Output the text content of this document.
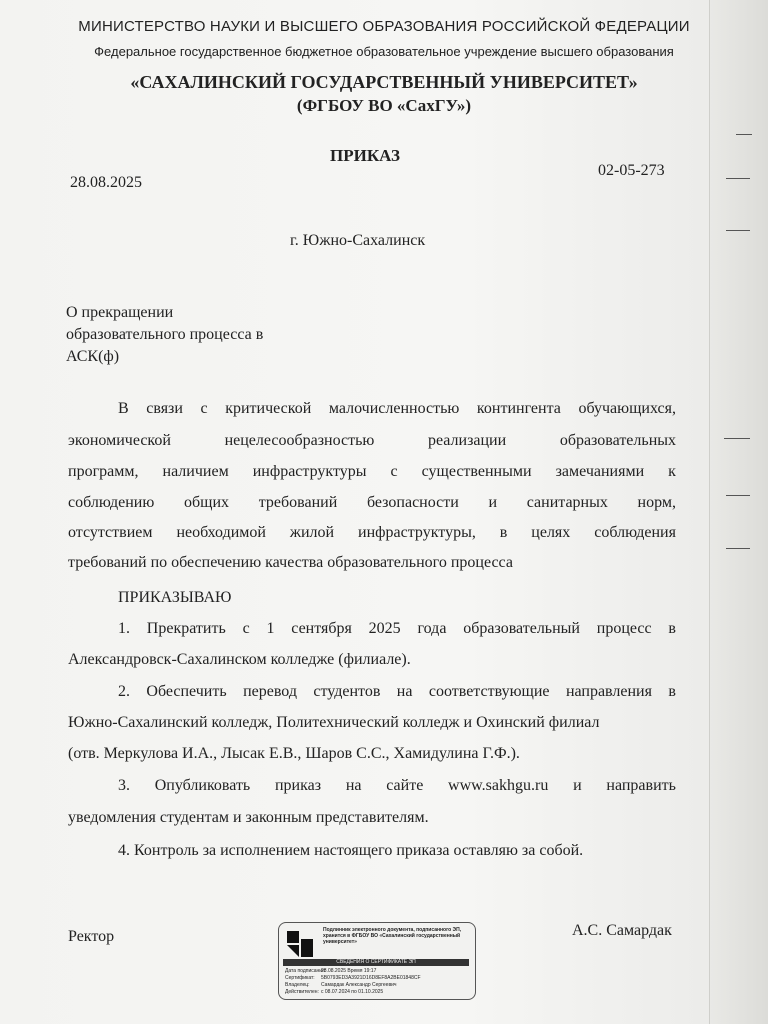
МИНИСТЕРСТВО НАУКИ И ВЫСШЕГО ОБРАЗОВАНИЯ РОССИЙСКОЙ ФЕДЕРАЦИИ
Федеральное государственное бюджетное образовательное учреждение высшего образования
«САХАЛИНСКИЙ ГОСУДАРСТВЕННЫЙ УНИВЕРСИТЕТ»
(ФГБОУ ВО «СахГУ»)
ПРИКАЗ
28.08.2025
02-05-273
г. Южно-Сахалинск
О прекращении
образовательного процесса в
АСК(ф)
В связи с критической малочисленностью контингента обучающихся,
экономической	нецелесообразностью	реализации	образовательных
программ, наличием инфраструктуры с существенными замечаниями к
соблюдению общих требований безопасности и санитарных норм,
отсутствием необходимой жилой инфраструктуры, в целях соблюдения
требований по обеспечению качества образовательного процесса
ПРИКАЗЫВАЮ
1. Прекратить с 1 сентября 2025 года образовательный процесс в
Александровск-Сахалинском колледже (филиале).
2. Обеспечить перевод студентов на соответствующие направления в
Южно-Сахалинский колледж, Политехнический колледж и Охинский филиал
(отв. Меркулова И.А., Лысак Е.В., Шаров С.С., Хамидулина Г.Ф.).
3. Опубликовать приказ на сайте www.sakhgu.ru и направить
уведомления студентам и законным представителям.
4. Контроль за исполнением настоящего приказа оставляю за собой.
Ректор	А.С. Самардак
Подлинник электронного документа, подписанного ЭП, хранится в ФГБОУ ВО «Сахалинский государственный университет»
СВЕДЕНИЯ О СЕРТИФИКАТЕ ЭП
Дата подписания:28.08.2025 Время 19:17
Сертификат: 5B0793ED3A3921D16D8EF8A2BE01848CF
Владелец: Самардак Александр Сергеевич
Действителен: с 08.07.2024 по 01.10.2025
